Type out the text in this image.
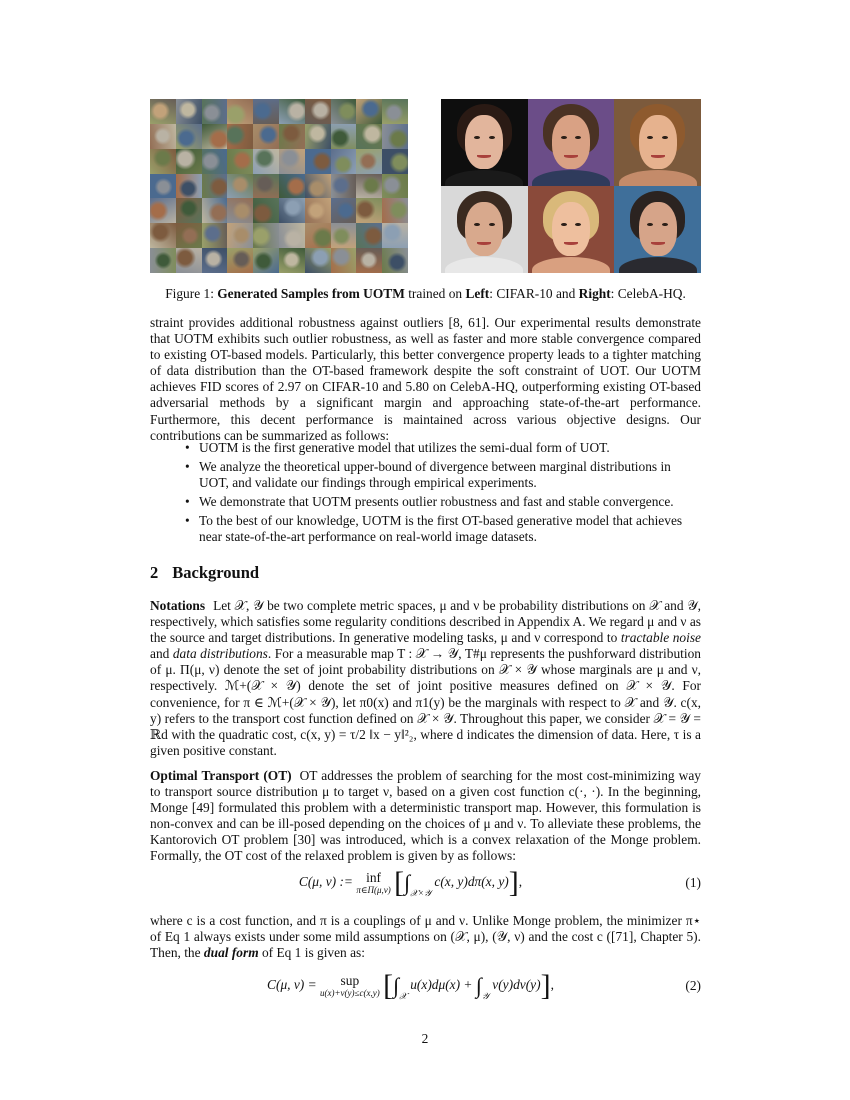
Figure 1: Generated Samples from UOTM trained on Left: CIFAR-10 and Right: CelebA-HQ.

straint provides additional robustness against outliers [8, 61]. Our experimental results demonstrate that UOTM exhibits such outlier robustness, as well as faster and more stable convergence compared to existing OT-based models. Particularly, this better convergence property leads to a tighter matching of data distribution than the OT-based framework despite the soft constraint of UOT. Our UOTM achieves FID scores of 2.97 on CIFAR-10 and 5.80 on CelebA-HQ, outperforming existing OT-based adversarial methods by a significant margin and approaching state-of-the-art performance. Furthermore, this decent performance is maintained across various objective designs. Our contributions can be summarized as follows:

• UOTM is the first generative model that utilizes the semi-dual form of UOT.
• We analyze the theoretical upper-bound of divergence between marginal distributions in UOT, and validate our findings through empirical experiments.
• We demonstrate that UOTM presents outlier robustness and fast and stable convergence.
• To the best of our knowledge, UOTM is the first OT-based generative model that achieves near state-of-the-art performance on real-world image datasets.
2 Background

Notations Let 𝒳, 𝒴 be two complete metric spaces, μ and ν be probability distributions on 𝒳 and 𝒴, respectively, which satisfies some regularity conditions described in Appendix A. We regard μ and ν as the source and target distributions. In generative modeling tasks, μ and ν correspond to tractable noise and data distributions. For a measurable map T : 𝒳 → 𝒴, T#μ represents the pushforward distribution of μ. Π(μ, ν) denote the set of joint probability distributions on 𝒳 × 𝒴 whose marginals are μ and ν, respectively. ℳ+(𝒳 × 𝒴) denote the set of joint positive measures defined on 𝒳 × 𝒴. For convenience, for π ∈ ℳ+(𝒳 × 𝒴), let π0(x) and π1(y) be the marginals with respect to 𝒳 and 𝒴. c(x, y) refers to the transport cost function defined on 𝒳 × 𝒴. Throughout this paper, we consider 𝒳 = 𝒴 = ℝd with the quadratic cost, c(x, y) = τ/2 ‖x − y‖²₂, where d indicates the dimension of data. Here, τ is a given positive constant.

Optimal Transport (OT) OT addresses the problem of searching for the most cost-minimizing way to transport source distribution μ to target ν, based on a given cost function c(·, ·). In the beginning, Monge [49] formulated this problem with a deterministic transport map. However, this formulation is non-convex and can be ill-posed depending on the choices of μ and ν. To alleviate these problems, the Kantorovich OT problem [30] was introduced, which is a convex relaxation of the Monge problem. Formally, the OT cost of the relaxed problem is given by as follows:

C(μ, ν) := inf
π∈Π(μ,ν) [$\int_{𝒳\times 𝒴}$ c(x, y)dπ(x, y)],	(1)

where c is a cost function, and π is a couplings of μ and ν. Unlike Monge problem, the minimizer π⋆ of Eq 1 always exists under some mild assumptions on (𝒳, μ), (𝒴, ν) and the cost c ([71], Chapter 5). Then, the dual form of Eq 1 is given as:

C(μ, ν) =	sup
u(x)+v(y)≤c(x,y) [$\int_𝒳$ $u(x)d\mu(x) + \int_𝒴$ v(y)dν(y)],	(2)
2
